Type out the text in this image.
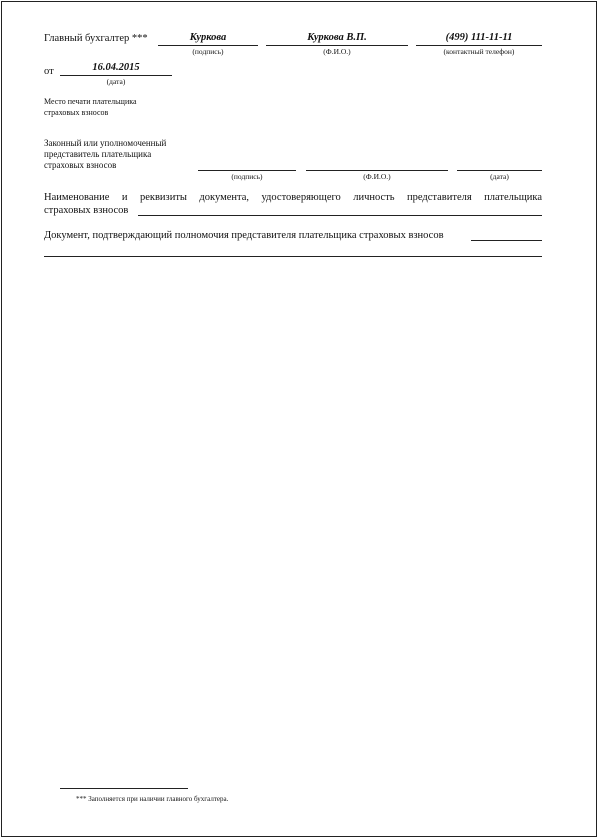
Главный бухгалтер ***	Куркова
(подпись)
Куркова В.П.
(Ф.И.О.)
(499) 111-11-11
(контактный телефон)
от	16.04.2015
(дата)
Место печати плательщика
страховых взносов
Законный или уполномоченный
представитель плательщика
страховых взносов
(подпись)	(Ф.И.О.)	(дата)
Наименование и реквизиты документа, удостоверяющего личность представителя плательщика
страховых взносов
Документ, подтверждающий полномочия представителя плательщика страховых взносов
*** Заполняется при наличии главного бухгалтера.
